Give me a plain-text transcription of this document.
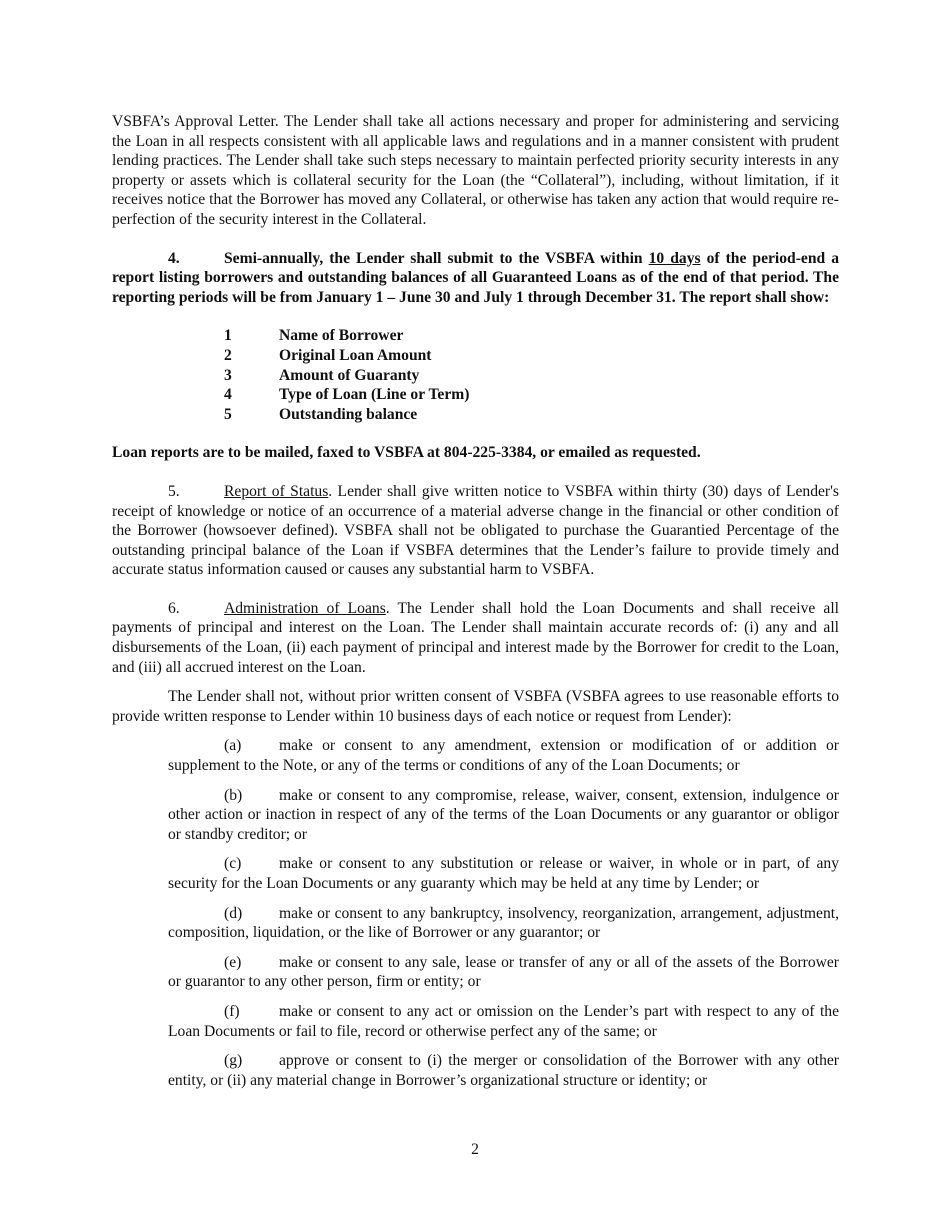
VSBFA’s Approval Letter. The Lender shall take all actions necessary and proper for administering and servicing the Loan in all respects consistent with all applicable laws and regulations and in a manner consistent with prudent lending practices. The Lender shall take such steps necessary to maintain perfected priority security interests in any property or assets which is collateral security for the Loan (the “Collateral”), including, without limitation, if it receives notice that the Borrower has moved any Collateral, or otherwise has taken any action that would require re-perfection of the security interest in the Collateral.

4.	Semi-annually, the Lender shall submit to the VSBFA within 10 days of the period-end a report listing borrowers and outstanding balances of all Guaranteed Loans as of the end of that period. The reporting periods will be from January 1 – June 30 and July 1 through December 31. The report shall show:

1	Name of Borrower
2	Original Loan Amount
3	Amount of Guaranty
4	Type of Loan (Line or Term)
5	Outstanding balance

Loan reports are to be mailed, faxed to VSBFA at 804-225-3384, or emailed as requested.

5.	Report of Status. Lender shall give written notice to VSBFA within thirty (30) days of Lender's receipt of knowledge or notice of an occurrence of a material adverse change in the financial or other condition of the Borrower (howsoever defined). VSBFA shall not be obligated to purchase the Guarantied Percentage of the outstanding principal balance of the Loan if VSBFA determines that the Lender’s failure to provide timely and accurate status information caused or causes any substantial harm to VSBFA.

6.	Administration of Loans. The Lender shall hold the Loan Documents and shall receive all payments of principal and interest on the Loan. The Lender shall maintain accurate records of: (i) any and all disbursements of the Loan, (ii) each payment of principal and interest made by the Borrower for credit to the Loan, and (iii) all accrued interest on the Loan.

The Lender shall not, without prior written consent of VSBFA (VSBFA agrees to use reasonable efforts to provide written response to Lender within 10 business days of each notice or request from Lender):

(a) make or consent to any amendment, extension or modification of or addition or supplement to the Note, or any of the terms or conditions of any of the Loan Documents; or

(b) make or consent to any compromise, release, waiver, consent, extension, indulgence or other action or inaction in respect of any of the terms of the Loan Documents or any guarantor or obligor or standby creditor; or

(c) make or consent to any substitution or release or waiver, in whole or in part, of any security for the Loan Documents or any guaranty which may be held at any time by Lender; or

(d) make or consent to any bankruptcy, insolvency, reorganization, arrangement, adjustment, composition, liquidation, or the like of Borrower or any guarantor; or

(e) make or consent to any sale, lease or transfer of any or all of the assets of the Borrower or guarantor to any other person, firm or entity; or

(f)	make or consent to any act or omission on the Lender’s part with respect to any of the Loan Documents or fail to file, record or otherwise perfect any of the same; or

(g) approve or consent to (i) the merger or consolidation of the Borrower with any other entity, or (ii) any material change in Borrower’s organizational structure or identity; or

2
